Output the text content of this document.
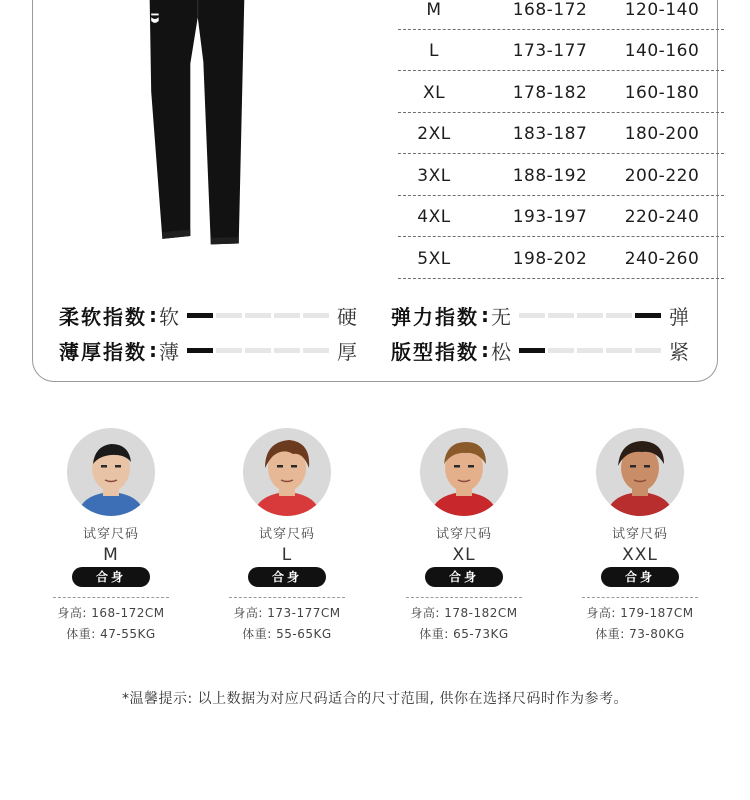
M	168-172	120-140
L	173-177	140-160
XL	178-182	160-180
2XL	183-187	180-200
3XL	188-192	200-220
4XL	193-197	220-240
5XL	198-202	240-260
柔软指数 : 软	硬 弹力指数 : 无	弹
薄厚指数 : 薄	厚 版型指数 : 松	紧
试穿尺码
M
合身
身高: 168-172CM
体重: 47-55KG
试穿尺码
L
合身
身高: 173-177CM
体重: 55-65KG
试穿尺码
XL
合身
身高: 178-182CM
体重: 65-73KG
试穿尺码
XXL
合身
身高: 179-187CM
体重: 73-80KG
*温馨提示: 以上数据为对应尺码适合的尺寸范围, 供你在选择尺码时作为参考。
